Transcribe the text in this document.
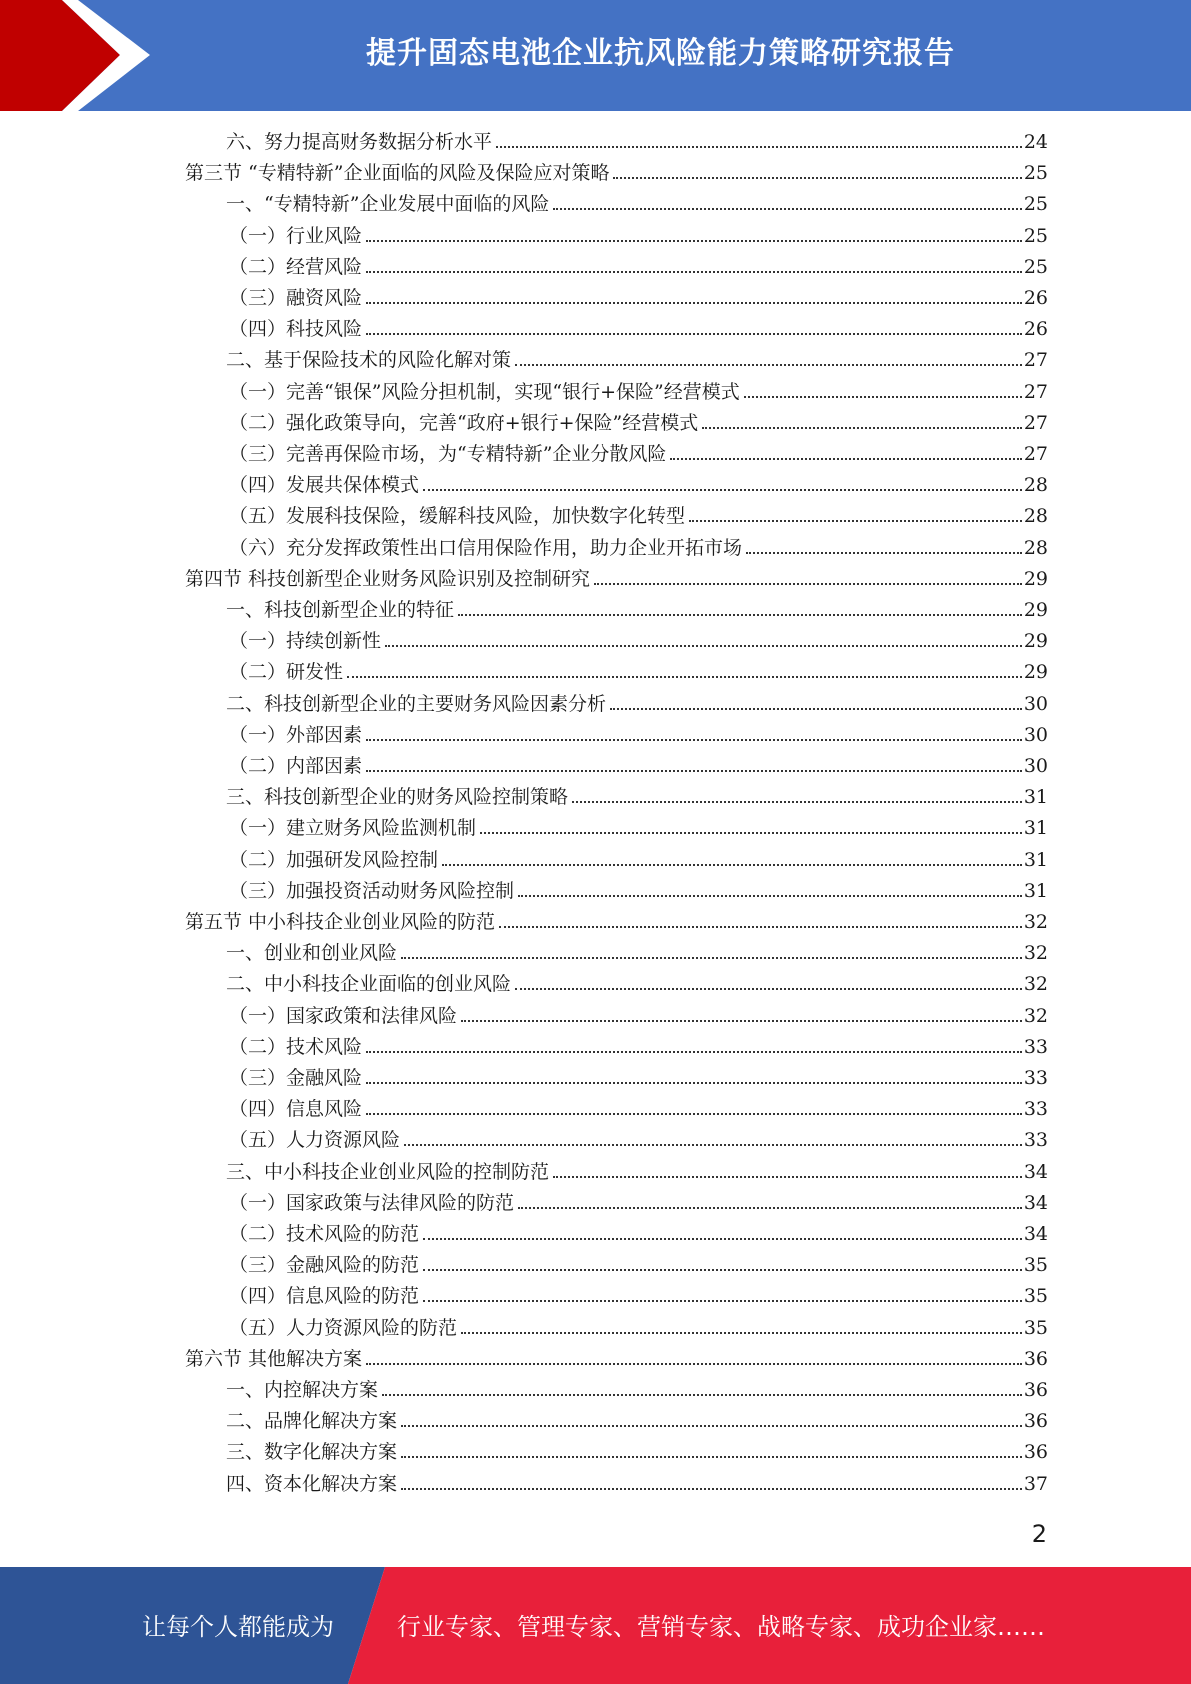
提升固态电池企业抗风险能力策略研究报告
六、努力提高财务数据分析水平	24
第三节 “专精特新”企业面临的风险及保险应对策略	25
一、“专精特新”企业发展中面临的风险	25
（一）行业风险	25
（二）经营风险	25
（三）融资风险	26
（四）科技风险	26
二、基于保险技术的风险化解对策	27
（一）完善“银保”风险分担机制，实现“银行+保险”经营模式	27
（二）强化政策导向，完善“政府+银行+保险”经营模式	27
（三）完善再保险市场，为“专精特新”企业分散风险	27
（四）发展共保体模式	28
（五）发展科技保险，缓解科技风险，加快数字化转型	28
（六）充分发挥政策性出口信用保险作用，助力企业开拓市场	28
第四节 科技创新型企业财务风险识别及控制研究	29
一、科技创新型企业的特征	29
（一）持续创新性	29
（二）研发性	29
二、科技创新型企业的主要财务风险因素分析	30
（一）外部因素	30
（二）内部因素	30
三、科技创新型企业的财务风险控制策略	31
（一）建立财务风险监测机制	31
（二）加强研发风险控制	31
（三）加强投资活动财务风险控制	31
第五节 中小科技企业创业风险的防范	32
一、创业和创业风险	32
二、中小科技企业面临的创业风险	32
（一）国家政策和法律风险	32
（二）技术风险	33
（三）金融风险	33
（四）信息风险	33
（五）人力资源风险	33
三、中小科技企业创业风险的控制防范	34
（一）国家政策与法律风险的防范	34
（二）技术风险的防范	34
（三）金融风险的防范	35
（四）信息风险的防范	35
（五）人力资源风险的防范	35
第六节 其他解决方案	36
一、内控解决方案	36
二、品牌化解决方案	36
三、数字化解决方案	36
四、资本化解决方案	37
2
让每个人都能成为	行业专家、管理专家、营销专家、战略专家、成功企业家……
